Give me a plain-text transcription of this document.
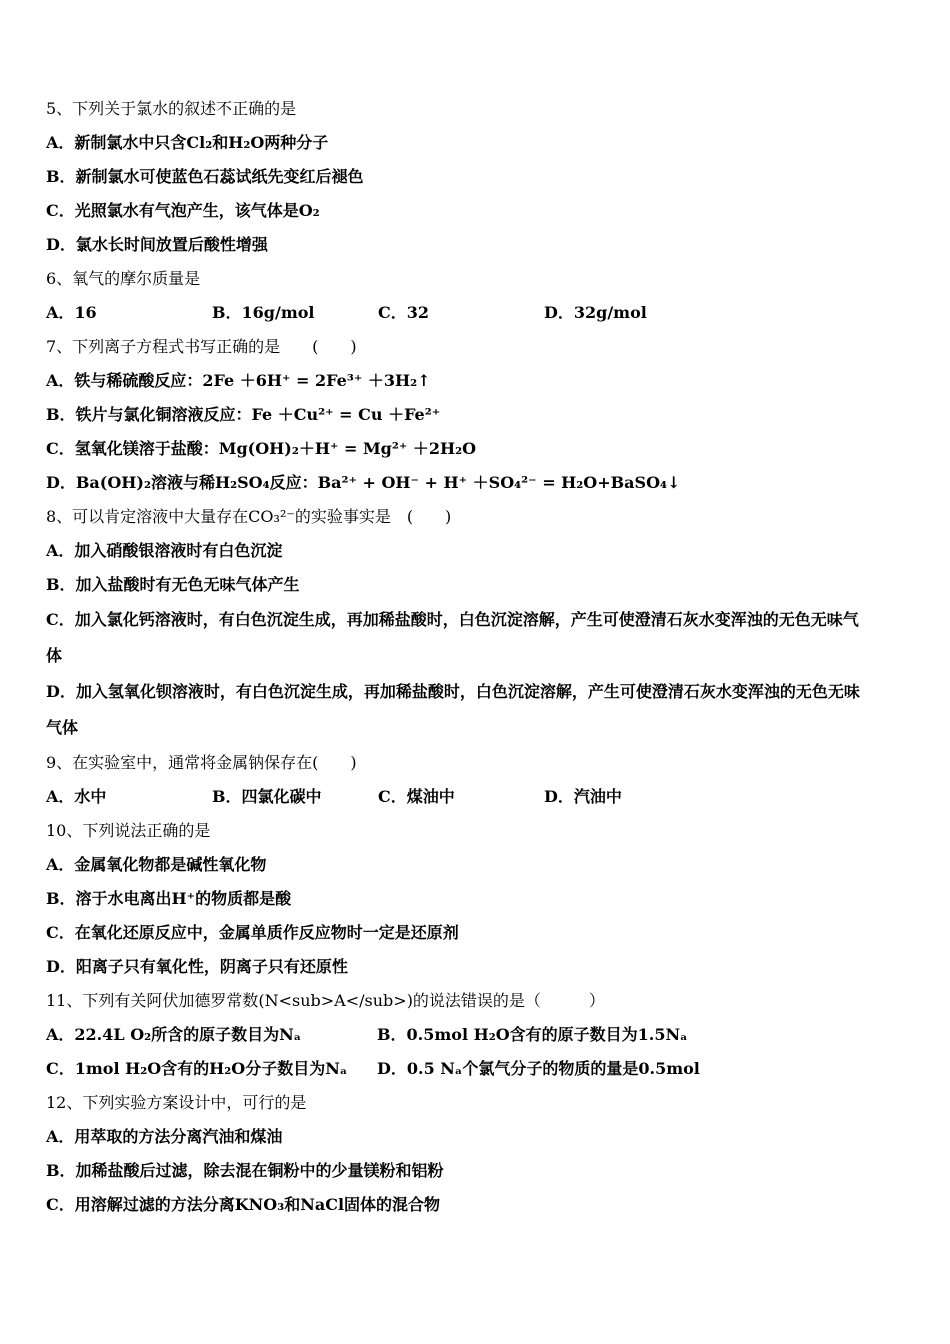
5、下列关于氯水的叙述不正确的是
A．新制氯水中只含Cl₂和H₂O两种分子
B．新制氯水可使蓝色石蕊试纸先变红后褪色
C．光照氯水有气泡产生，该气体是O₂
D．氯水长时间放置后酸性增强
6、氧气的摩尔质量是
A．16	B．16g/mol	C．32	D．32g/mol
7、下列离子方程式书写正确的是　　(　　)
A．铁与稀硫酸反应：2Fe ＋6H⁺ = 2Fe³⁺ ＋3H₂↑
B．铁片与氯化铜溶液反应：Fe ＋Cu²⁺ = Cu ＋Fe²⁺
C．氢氧化镁溶于盐酸：Mg(OH)₂＋H⁺ = Mg²⁺ ＋2H₂O
D．Ba(OH)₂溶液与稀H₂SO₄反应：Ba²⁺ + OH⁻ + H⁺ ＋SO₄²⁻ = H₂O+BaSO₄↓
8、可以肯定溶液中大量存在CO₃²⁻的实验事实是　(　　)
A．加入硝酸银溶液时有白色沉淀
B．加入盐酸时有无色无味气体产生
C．加入氯化钙溶液时，有白色沉淀生成，再加稀盐酸时，白色沉淀溶解，产生可使澄清石灰水变浑浊的无色无味气
体
D．加入氢氧化钡溶液时，有白色沉淀生成，再加稀盐酸时，白色沉淀溶解，产生可使澄清石灰水变浑浊的无色无味
气体
9、在实验室中，通常将金属钠保存在(　　)
A．水中	B．四氯化碳中	C．煤油中	D．汽油中
10、下列说法正确的是
A．金属氧化物都是碱性氧化物
B．溶于水电离出H⁺的物质都是酸
C．在氧化还原反应中，金属单质作反应物时一定是还原剂
D．阳离子只有氧化性，阴离子只有还原性
11、下列有关阿伏加德罗常数(N<sub>A</sub>)的说法错误的是（　　　）
A．22.4L O₂所含的原子数目为Nₐ	B．0.5mol H₂O含有的原子数目为1.5Nₐ
C．1mol H₂O含有的H₂O分子数目为Nₐ D．0.5 Nₐ个氯气分子的物质的量是0.5mol
12、下列实验方案设计中，可行的是
A．用萃取的方法分离汽油和煤油
B．加稀盐酸后过滤，除去混在铜粉中的少量镁粉和铝粉
C．用溶解过滤的方法分离KNO₃和NaCl固体的混合物
